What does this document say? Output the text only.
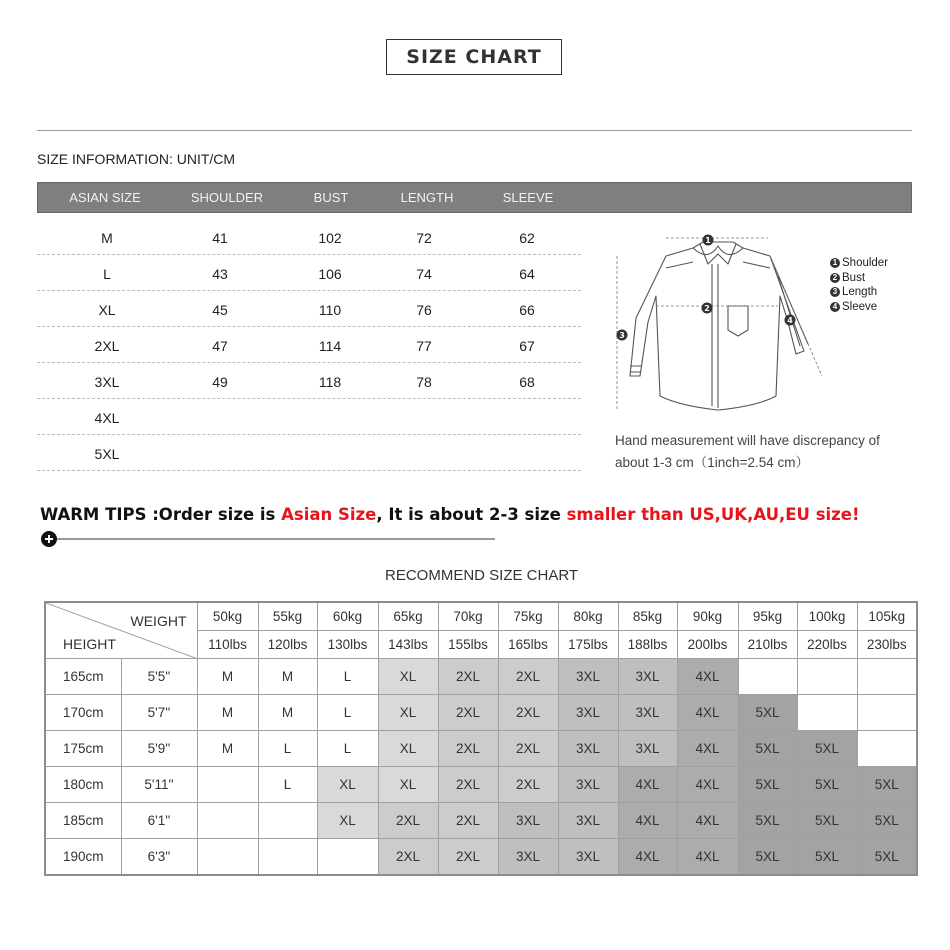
SIZE CHART
SIZE INFORMATION: UNIT/CM
ASIAN SIZE	SHOULDER	BUST	LENGTH	SLEEVE
M	41	102	72	62
L	43	106	74	64
XL	45	110	76	66
2XL	47	114	77	67
3XL	49	118	78	68
4XL
5XL
1
2
3
4
1 Shoulder
2 Bust
3 Length
4 Sleeve
Hand measurement will have discrepancy of
about 1-3 cm（1inch=2.54 cm）
WARM TIPS :Order size is Asian Size, It is about 2-3 size smaller than US,UK,AU,EU size!
RECOMMEND SIZE CHART
WEIGHT
HEIGHT		50kg	55kg	60kg	65kg	70kg	75kg	80kg	85kg	90kg	95kg	100kg	105kg
		110lbs	120lbs	130lbs	143lbs	155lbs	165lbs	175lbs	188lbs	200lbs	210lbs	220lbs	230lbs
165cm	5'5''	M	M	L	XL	2XL	2XL	3XL	3XL	4XL			
170cm	5'7''	M	M	L	XL	2XL	2XL	3XL	3XL	4XL	5XL		
175cm	5'9''	M	L	L	XL	2XL	2XL	3XL	3XL	4XL	5XL	5XL	
180cm	5'11''		L	XL	XL	2XL	2XL	3XL	4XL	4XL	5XL	5XL	5XL
185cm	6'1''			XL	2XL	2XL	3XL	3XL	4XL	4XL	5XL	5XL	5XL
190cm	6'3''				2XL	2XL	3XL	3XL	4XL	4XL	5XL	5XL	5XL
